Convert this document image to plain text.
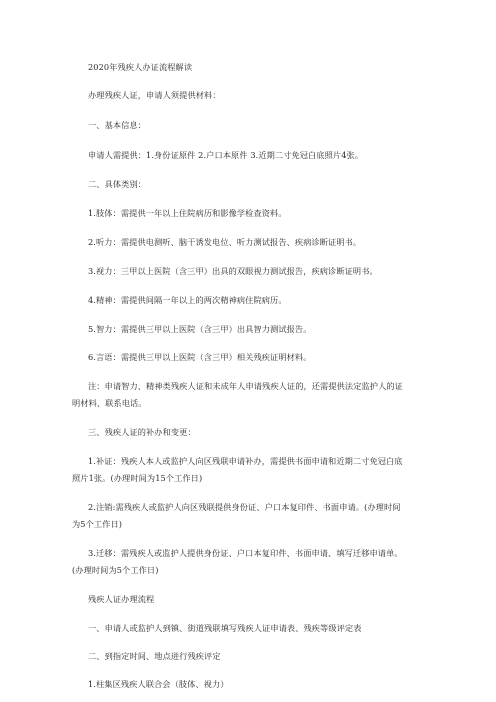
2020年残疾人办证流程解读
办理残疾人证，申请人须提供材料：
一、基本信息：
申请人需提供：1.身份证原件 2.户口本原件 3.近期二寸免冠白底照片4张。
二、具体类别：
1.肢体：需提供一年以上住院病历和影像学检查资料。
2.听力：需提供电测听、脑干诱发电位、听力测试报告、疾病诊断证明书。
3.视力：三甲以上医院（含三甲）出具的双眼视力测试报告，疾病诊断证明书。
4.精神：需提供间隔一年以上的两次精神病住院病历。
5.智力：需提供三甲以上医院（含三甲）出具智力测试报告。
6.言语：需提供三甲以上医院（含三甲）相关残疾证明材料。
注：申请智力、精神类残疾人证和未成年人申请残疾人证的，还需提供法定监护人的证
明材料、联系电话。
三、残疾人证的补办和变更：
1.补证：残疾人本人或监护人向区残联申请补办，需提供书面申请和近期二寸免冠白底
照片1张。(办理时间为15个工作日)
2.注销:需残疾人或监护人向区残联提供身份证、户口本复印件、书面申请。(办理时间
为5个工作日)
3.迁移：需残疾人或监护人提供身份证、户口本复印件、书面申请、填写迁移申请单。
(办理时间为5个工作日)
残疾人证办理流程
一、申请人或监护人到镇、街道残联填写残疾人证申请表、残疾等级评定表
二、到指定时间、地点进行残疾评定
1.柱集区残疾人联合会（肢体、视力）
